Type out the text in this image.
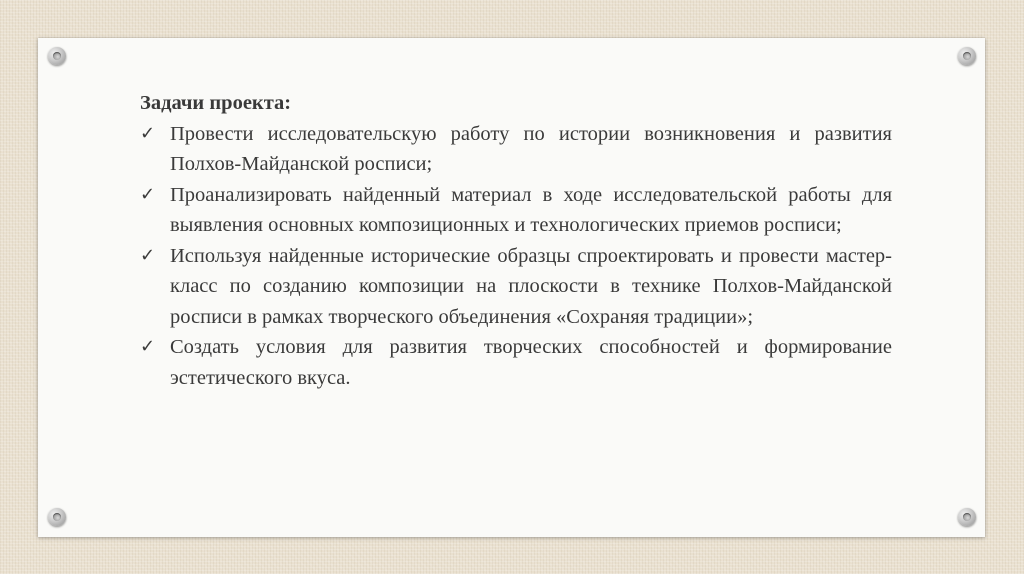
Задачи проекта:

✓ Провести исследовательскую работу по истории возникновения и развития Полхов-Майданской росписи;
✓ Проанализировать найденный материал в ходе исследовательской работы для выявления основных композиционных и технологических приемов росписи;
✓ Используя найденные исторические образцы спроектировать и провести мастер-класс по созданию композиции на плоскости в технике Полхов-Майданской росписи в рамках творческого объединения «Сохраняя традиции»;
✓ Создать условия для развития творческих способностей и формирование эстетического вкуса.
